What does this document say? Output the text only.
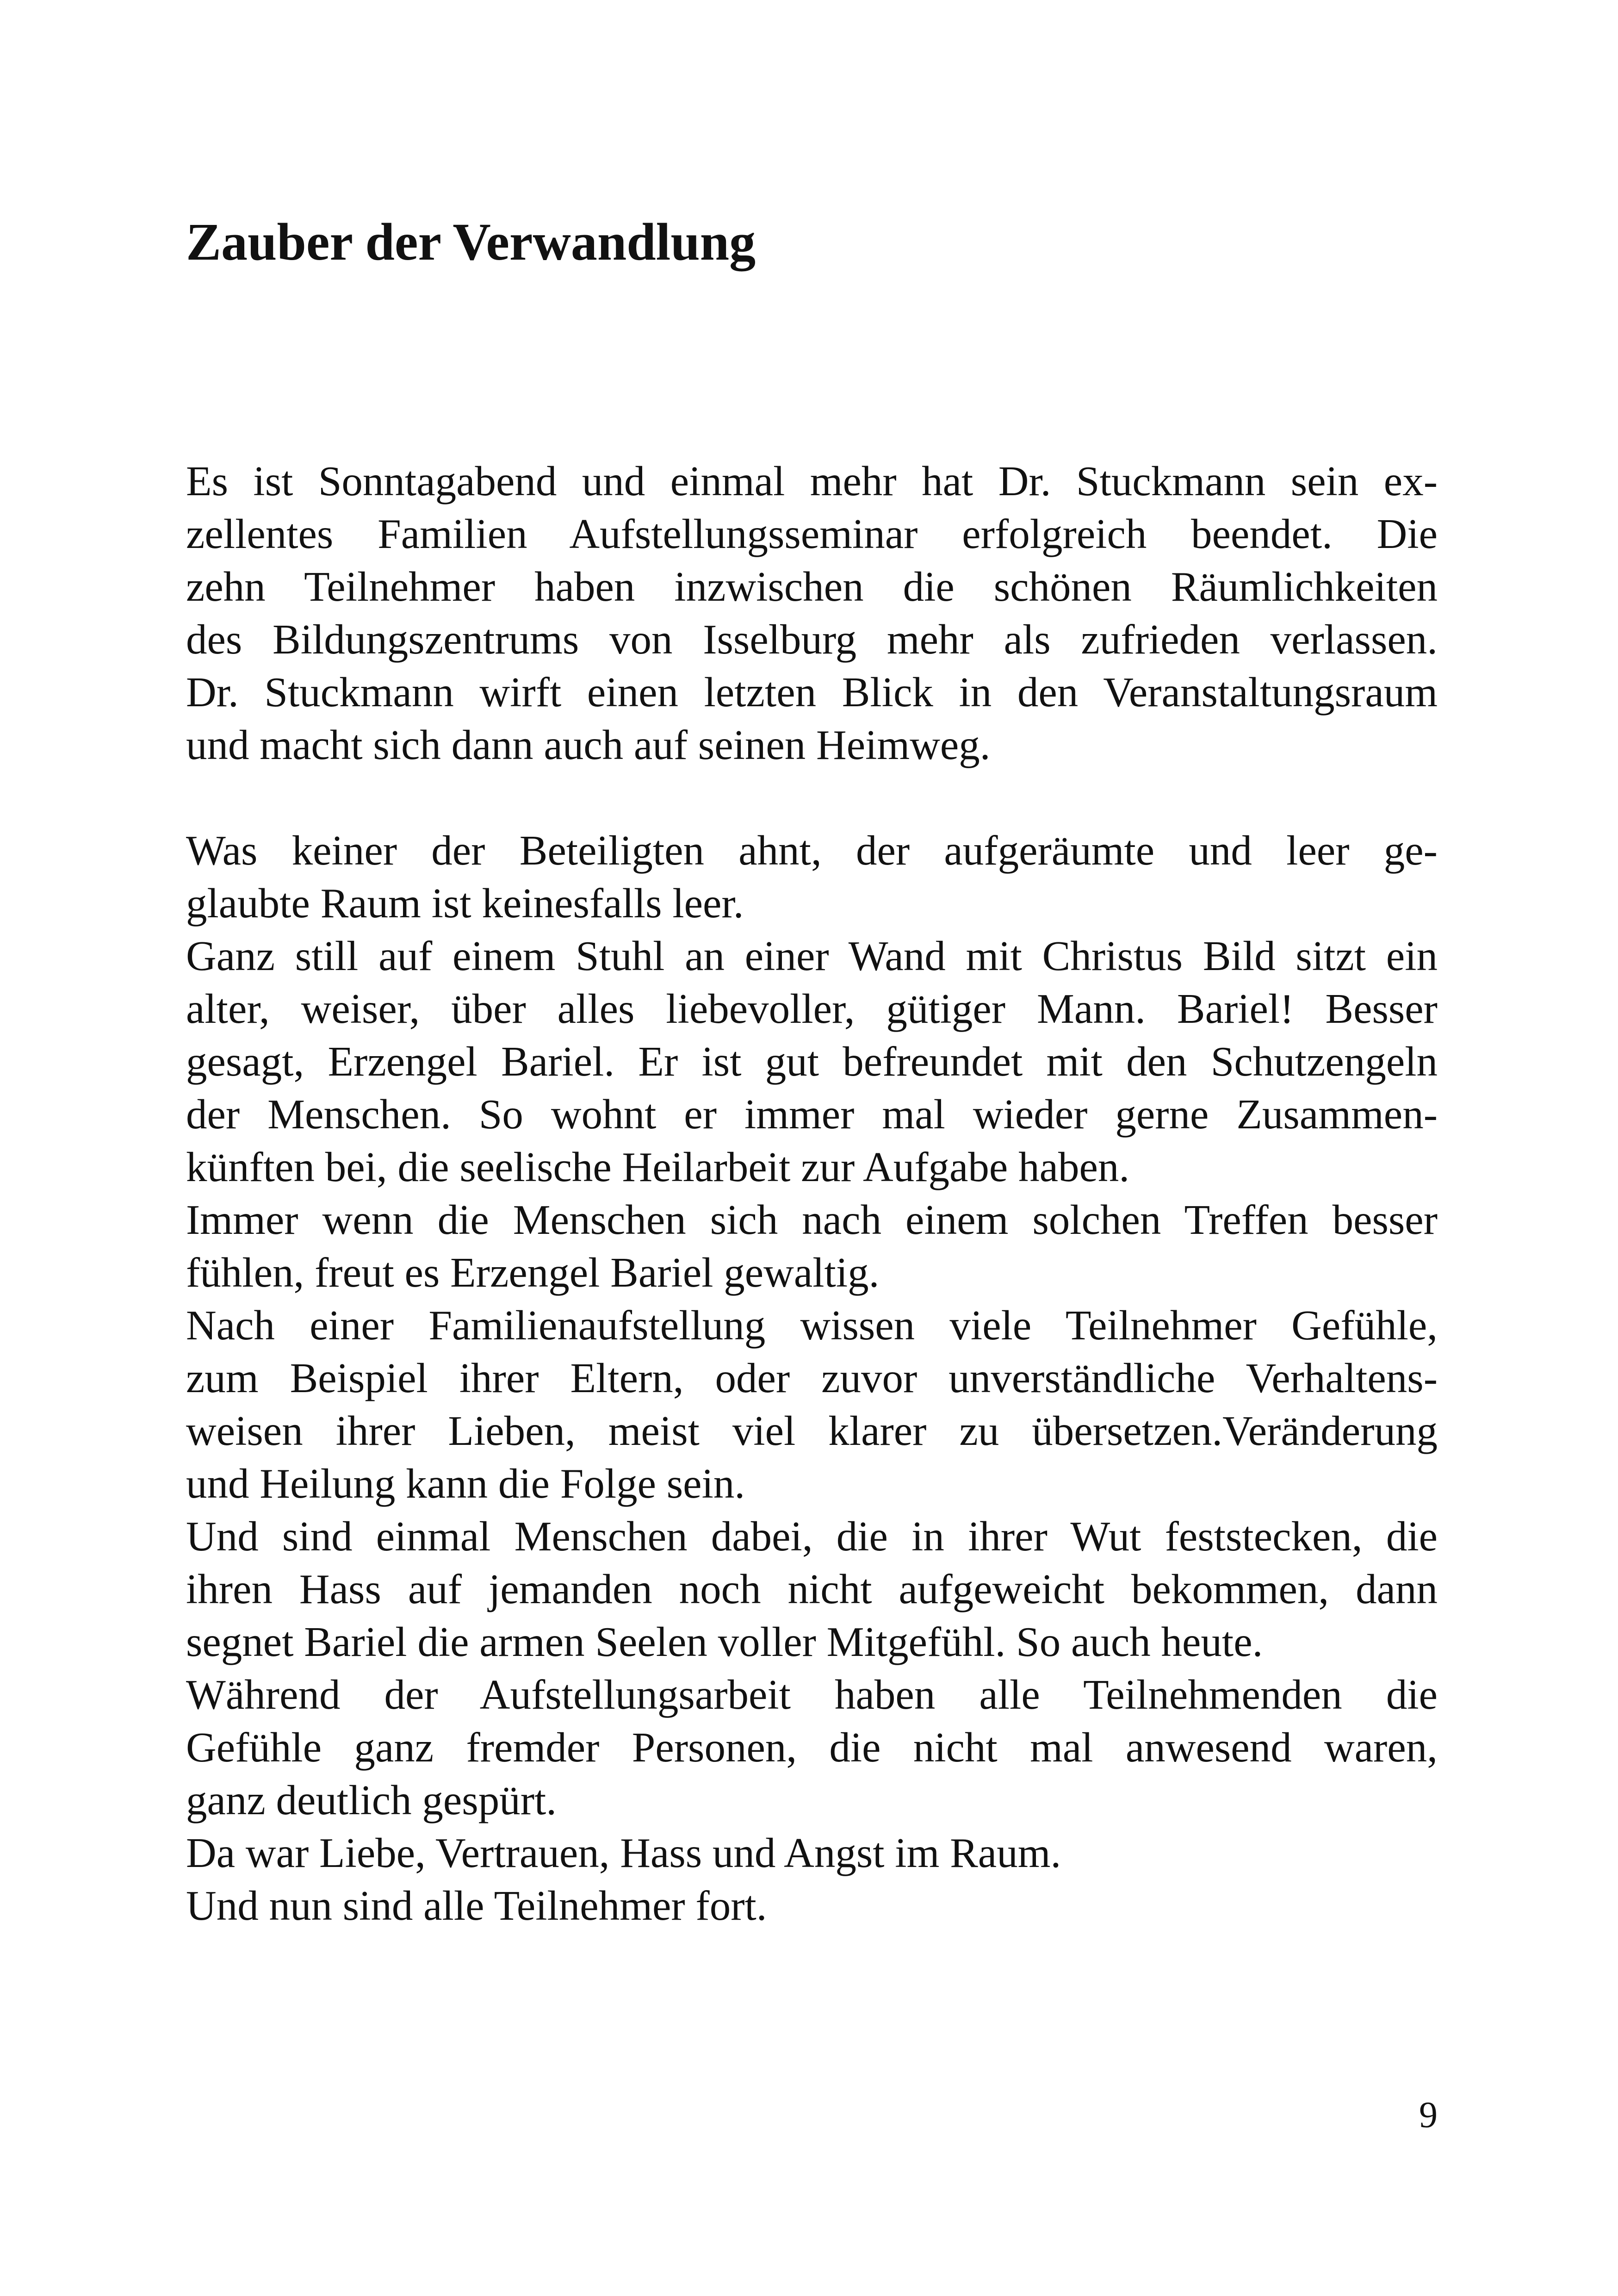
Zauber der Verwandlung

Es ist Sonntagabend und einmal mehr hat Dr. Stuckmann sein ex-
zellentes Familien Aufstellungsseminar erfolgreich beendet. Die
zehn Teilnehmer haben inzwischen die schönen Räumlichkeiten
des Bildungszentrums von Isselburg mehr als zufrieden verlassen.
Dr. Stuckmann wirft einen letzten Blick in den Veranstaltungsraum
und macht sich dann auch auf seinen Heimweg.

Was keiner der Beteiligten ahnt, der aufgeräumte und leer ge-
glaubte Raum ist keinesfalls leer.

Ganz still auf einem Stuhl an einer Wand mit Christus Bild sitzt ein
alter, weiser, über alles liebevoller, gütiger Mann. Bariel! Besser
gesagt, Erzengel Bariel. Er ist gut befreundet mit den Schutzengeln
der Menschen. So wohnt er immer mal wieder gerne Zusammen-
künften bei, die seelische Heilarbeit zur Aufgabe haben.

Immer wenn die Menschen sich nach einem solchen Treffen besser
fühlen, freut es Erzengel Bariel gewaltig.

Nach einer Familienaufstellung wissen viele Teilnehmer Gefühle,
zum Beispiel ihrer Eltern, oder zuvor unverständliche Verhaltens-
weisen ihrer Lieben, meist viel klarer zu übersetzen.Veränderung
und Heilung kann die Folge sein.

Und sind einmal Menschen dabei, die in ihrer Wut feststecken, die
ihren Hass auf jemanden noch nicht aufgeweicht bekommen, dann
segnet Bariel die armen Seelen voller Mitgefühl. So auch heute.

Während der Aufstellungsarbeit haben alle Teilnehmenden die
Gefühle ganz fremder Personen, die nicht mal anwesend waren,
ganz deutlich gespürt.

Da war Liebe, Vertrauen, Hass und Angst im Raum.

Und nun sind alle Teilnehmer fort.

9
